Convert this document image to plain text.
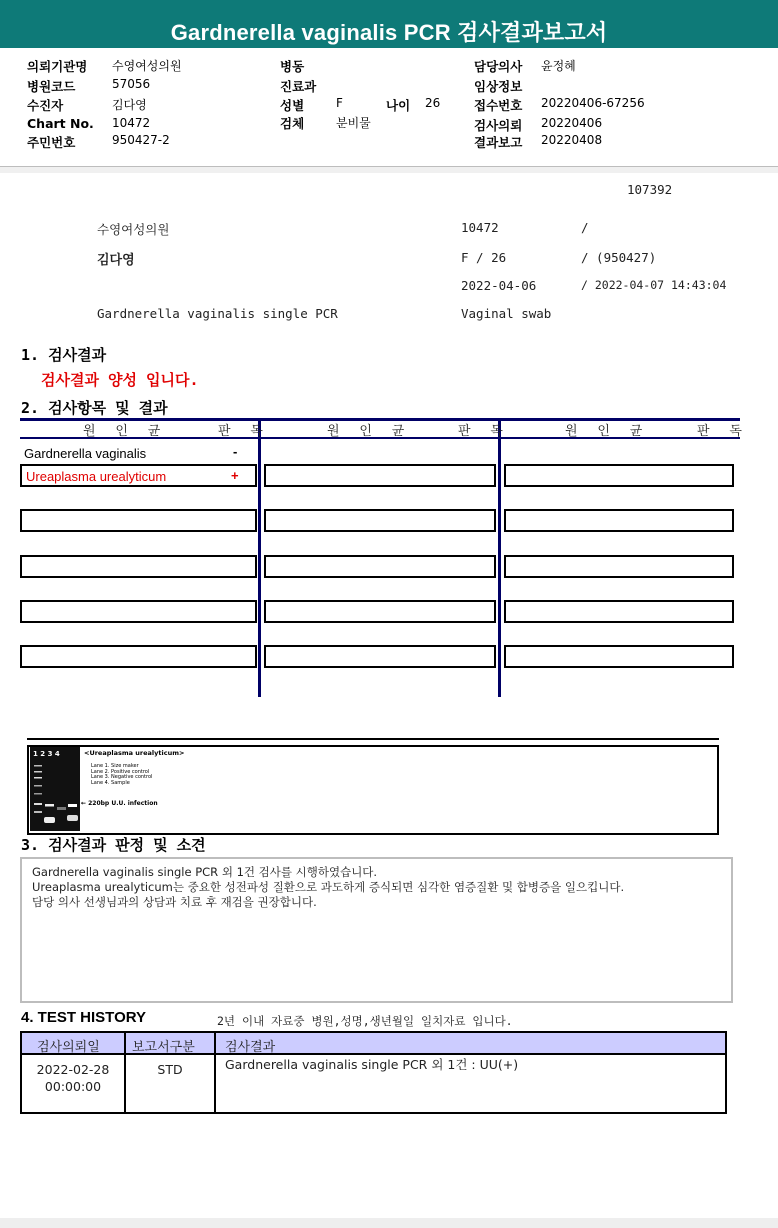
Gardnerella vaginalis PCR 검사결과보고서
의뢰기관명 수영여성의원
병원코드	57056
수진자	김다영
Chart No. 10472
주민번호	950427-2
병동
진료과
성별	F	나이 26
검체	분비물
담당의사 윤정혜
임상정보
접수번호 20220406-67256
검사의뢰 20220406
결과보고 20220408
107392
수영여성의원	10472	/
김다영	F / 26	/ (950427)
2022-04-06	/ 2022-04-07 14:43:04
Gardnerella vaginalis single PCR	Vaginal swab
1. 검사결과
검사결과 양성 입니다.
2. 검사항목 및 결과
원 인 균	판 독	원 인 균	판 독	원 인 균	판 독
Gardnerella vaginalis	-
Ureaplasma urealyticum	+
1 2 3 4	<Ureaplasma urealyticum>
Lane 1. Size maker
Lane 2. Positive control
Lane 3. Negative control
Lane 4. Sample
← 220bp U.U. infection
3. 검사결과 판정 및 소견
Gardnerella vaginalis single PCR 외 1건 검사를 시행하였습니다.
Ureaplasma urealyticum는 중요한 성전파성 질환으로 과도하게 증식되면 심각한 염증질환 및 합병증을 일으킵니다.
담당 의사 선생님과의 상담과 치료 후 재검을 권장합니다.
4. TEST HISTORY	2년 이내 자료중 병원,성명,생년월일 일치자료 입니다.
검사의뢰일 보고서구분 검사결과
2022-02-28
00:00:00
STD	Gardnerella vaginalis single PCR 외 1건 : UU(+)
